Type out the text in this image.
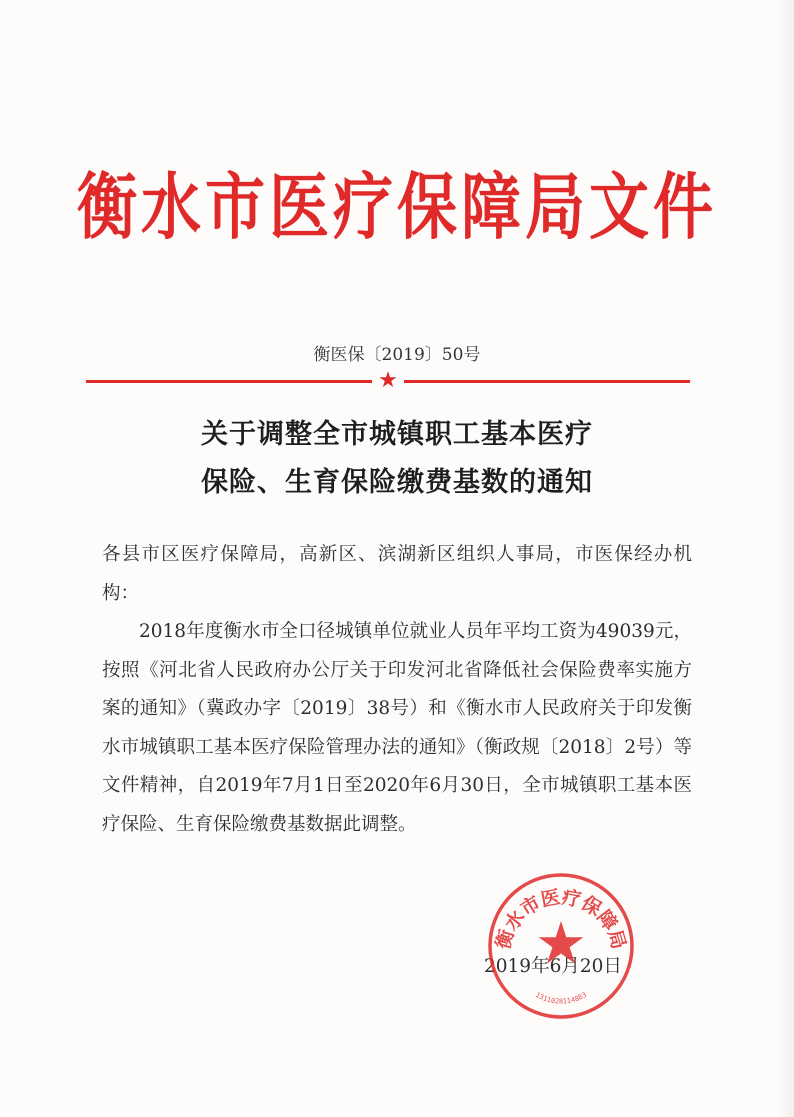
衡水市医疗保障局文件
衡医保〔2019〕50号
★
关于调整全市城镇职工基本医疗
保险、生育保险缴费基数的通知

各县市区医疗保障局，高新区、滨湖新区组织人事局，市医保经办机构：

2018年度衡水市全口径城镇单位就业人员年平均工资为49039元，按照《河北省人民政府办公厅关于印发河北省降低社会保险费率实施方案的通知》（冀政办字〔2019〕38号）和《衡水市人民政府关于印发衡水市城镇职工基本医疗保险管理办法的通知》（衡政规〔2018〕2号）等文件精神，自2019年7月1日至2020年6月30日，全市城镇职工基本医疗保险、生育保险缴费基数据此调整。

2019年6月20日
衡水市医疗保障局
1311028114883
